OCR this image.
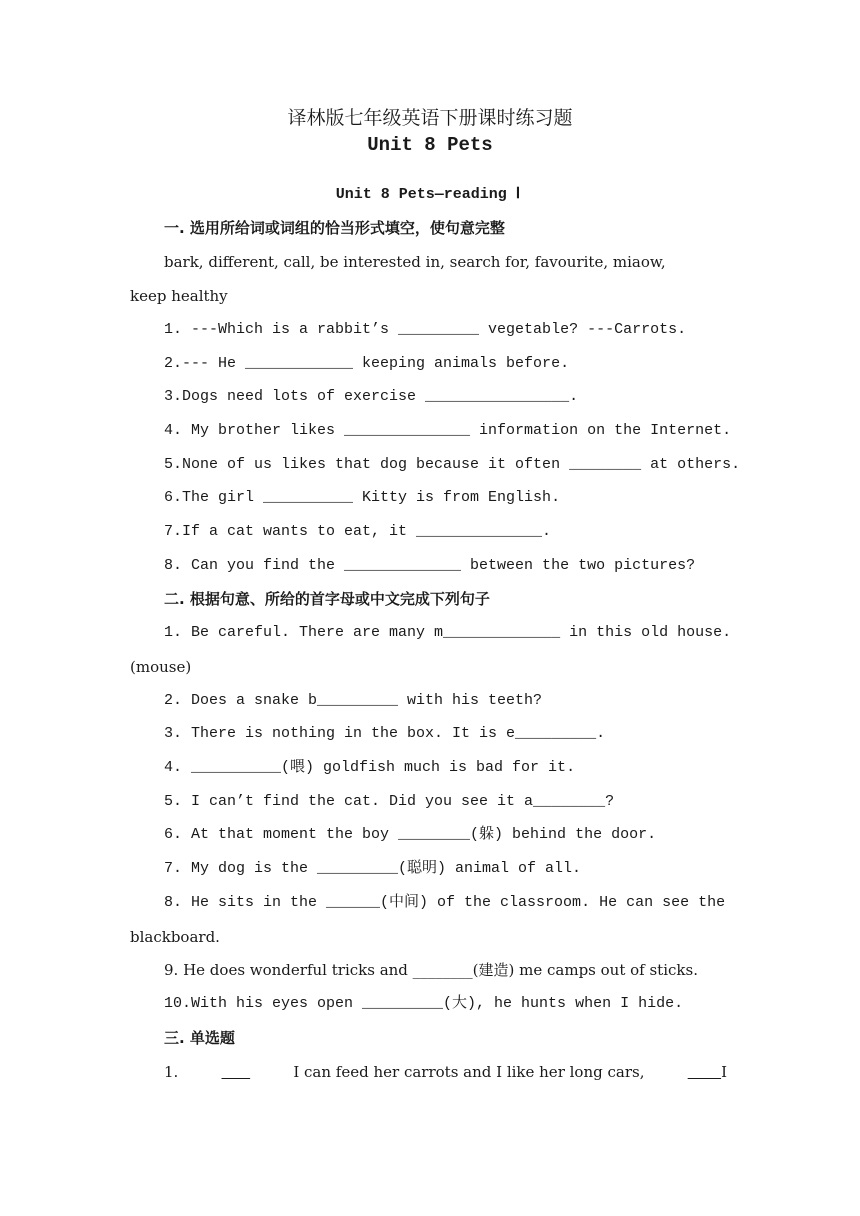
译林版七年级英语下册课时练习题
Unit 8 Pets
Unit 8 Pets—reading Ⅰ
一. 选用所给词或词组的恰当形式填空，使句意完整
bark, different, call, be interested in, search for, favourite, miaow,
keep healthy
1. ---Which is a rabbit’s _________ vegetable? ---Carrots.
2.--- He ____________ keeping animals before.
3.Dogs need lots of exercise ________________.
4. My brother likes ______________ information on the Internet.
5.None of us likes that dog because it often ________ at others.
6.The girl __________ Kitty is from English.
7.If a cat wants to eat, it ______________.
8. Can you find the _____________ between the two pictures?
二. 根据句意、所给的首字母或中文完成下列句子
1. Be careful. There are many m_____________ in this old house.
(mouse)
2. Does a snake b_________ with his teeth?
3. There is nothing in the box. It is e_________.
4. __________(喂) goldfish much is bad for it.
5. I can’t find the cat. Did you see it a________?
6. At that moment the boy ________(躲) behind the door.
7. My dog is the _________(聪明) animal of all.
8. He sits in the ______(中间) of the classroom. He can see the
blackboard.
9. He does wonderful tricks and ________(建造) me camps out of sticks.
10.With his eyes open _________(大), he hunts when I hide.
三. 单选题
1.
	I can feed her carrots and I like her long cars,	I
